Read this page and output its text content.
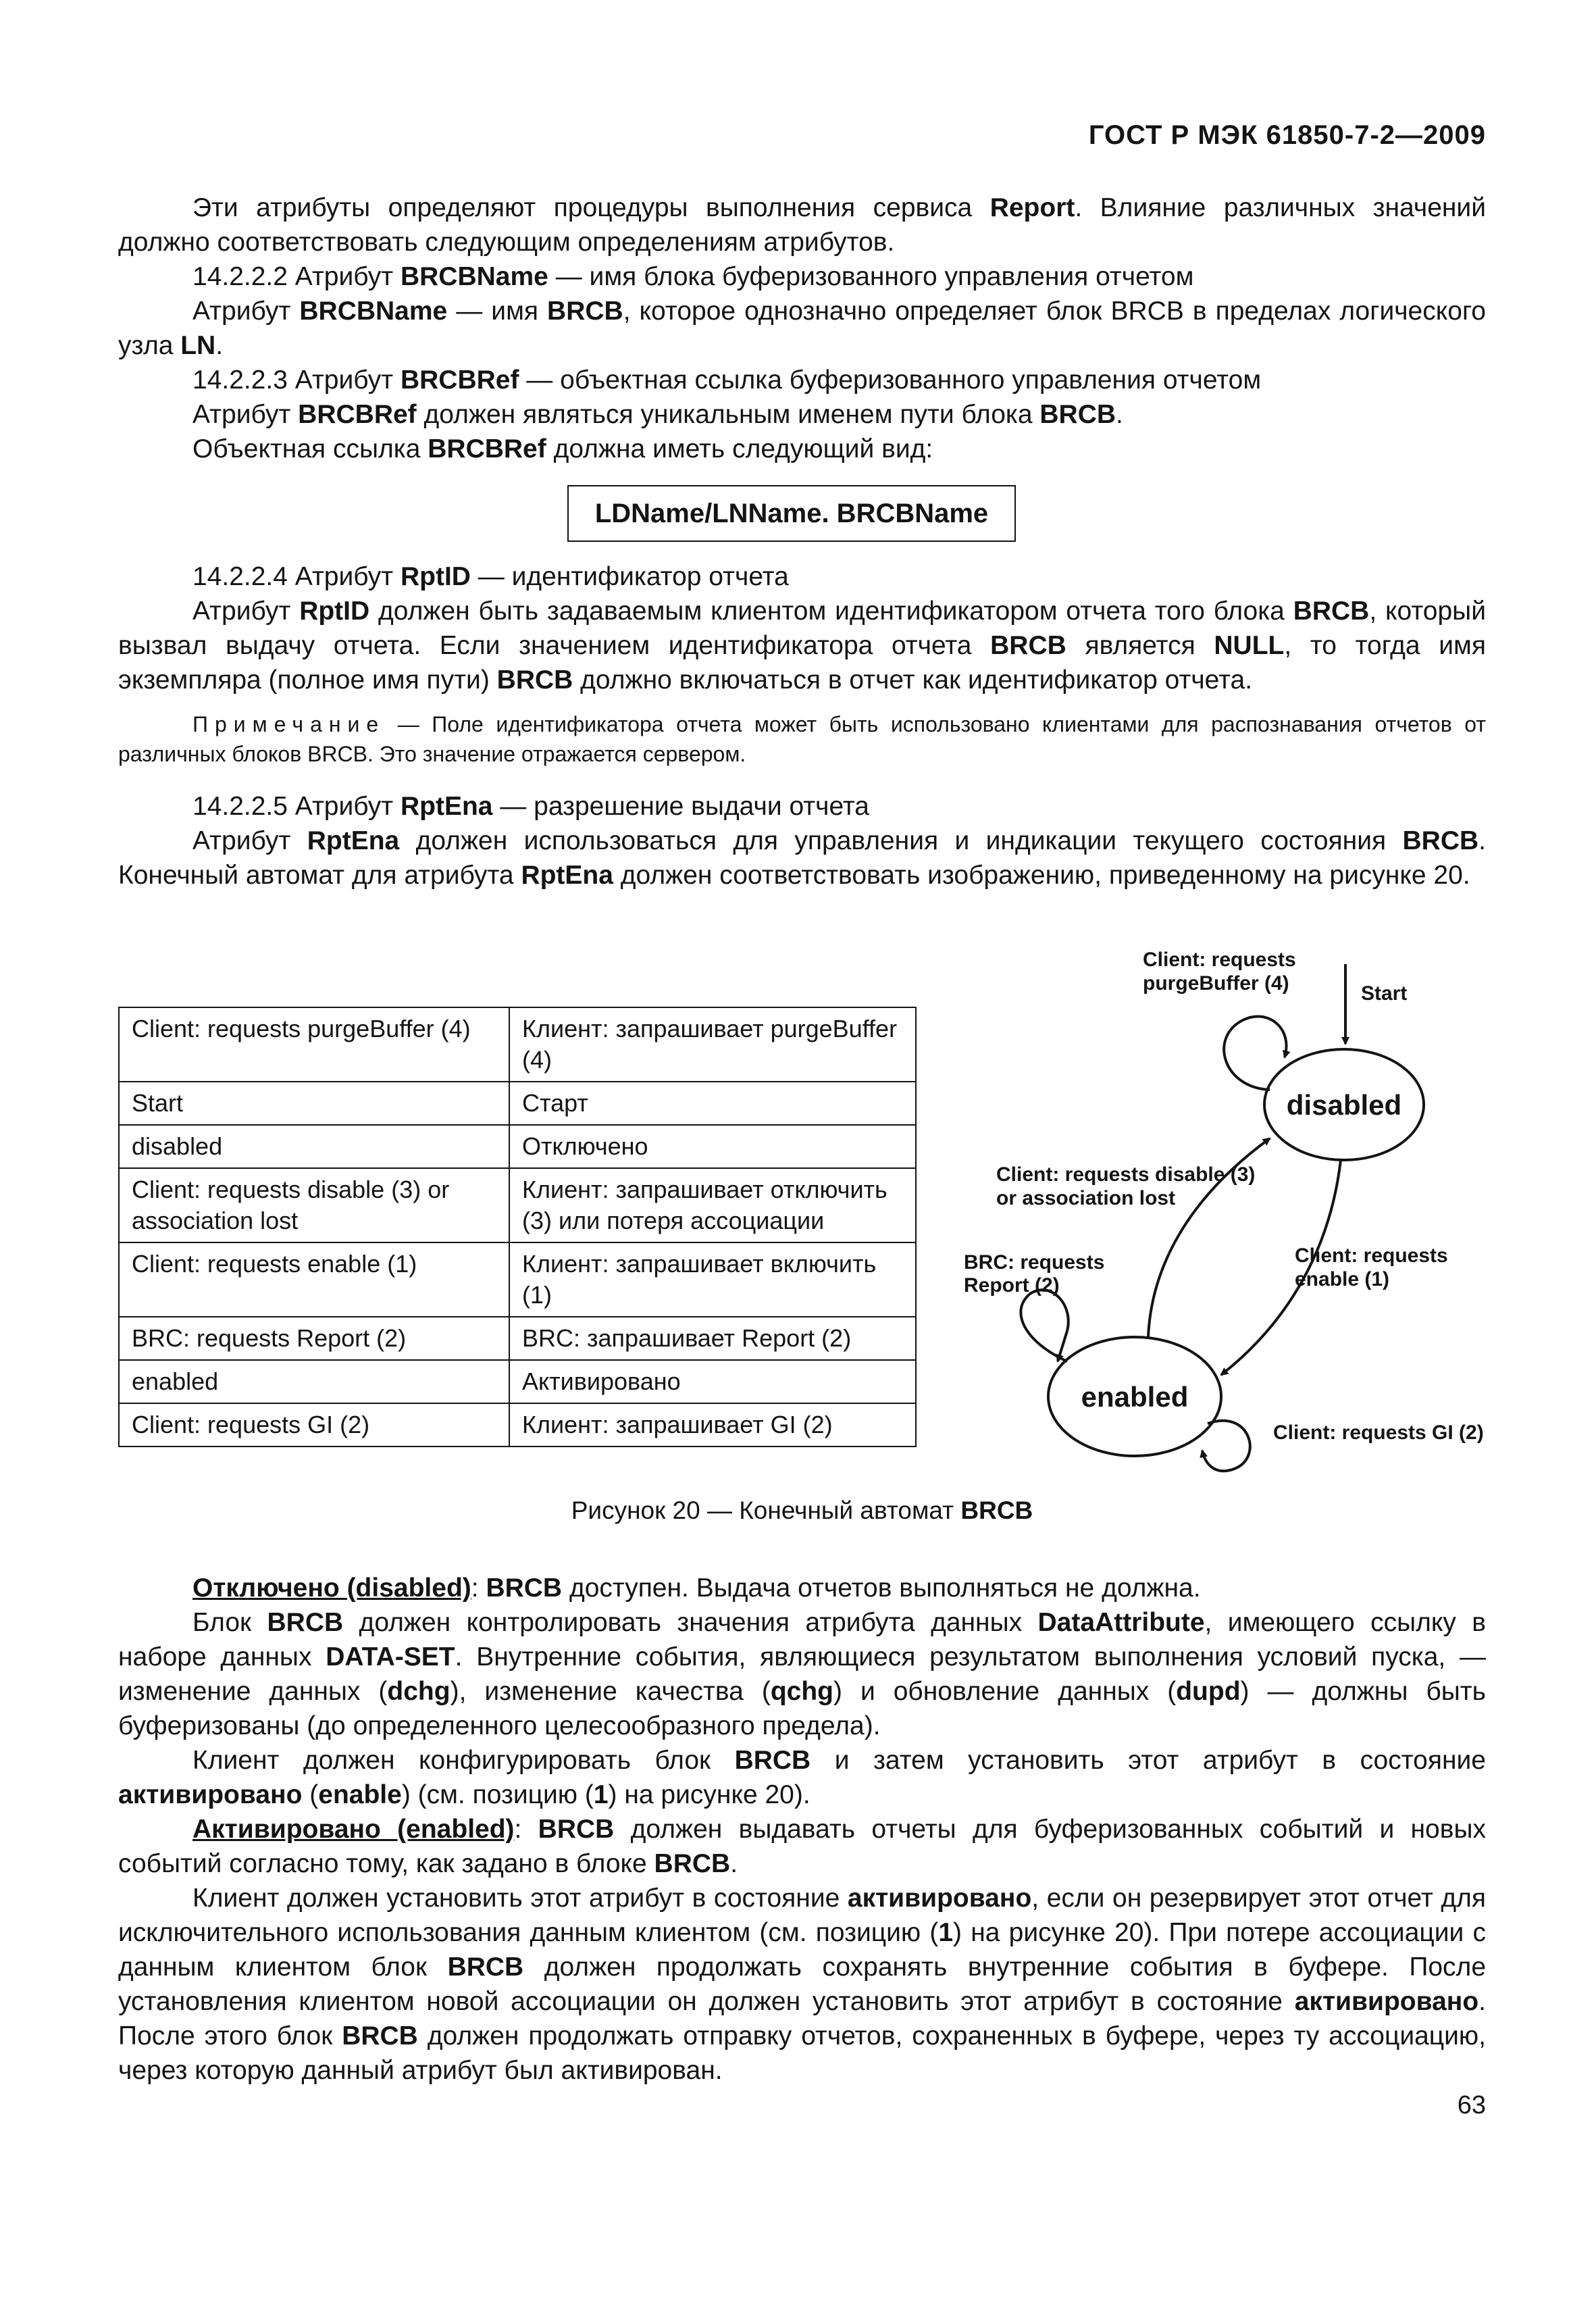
ГОСТ Р МЭК 61850-7-2—2009

Эти атрибуты определяют процедуры выполнения сервиса Report. Влияние различных значений должно соответствовать следующим определениям атрибутов.

14.2.2.2 Атрибут BRCBName — имя блока буферизованного управления отчетом

Атрибут BRCBName — имя BRCB, которое однозначно определяет блок BRCB в пределах логического узла LN.

14.2.2.3 Атрибут BRCBRef — объектная ссылка буферизованного управления отчетом

Атрибут BRCBRef должен являться уникальным именем пути блока BRCB.

Объектная ссылка BRCBRef должна иметь следующий вид:

LDName/LNName. BRCBName

14.2.2.4 Атрибут RptID — идентификатор отчета

Атрибут RptID должен быть задаваемым клиентом идентификатором отчета того блока BRCB, который вызвал выдачу отчета. Если значением идентификатора отчета BRCB является NULL, то тогда имя экземпляра (полное имя пути) BRCB должно включаться в отчет как идентификатор отчета.

Примечание — Поле идентификатора отчета может быть использовано клиентами для распознавания отчетов от различных блоков BRCB. Это значение отражается сервером.

14.2.2.5 Атрибут RptEna — разрешение выдачи отчета

Атрибут RptEna должен использоваться для управления и индикации текущего состояния BRCB. Конечный автомат для атрибута RptEna должен соответствовать изображению, приведенному на рисунке 20.

Client: requests purgeBuffer (4)	Клиент: запрашивает purgeBuffer (4)
Start	Старт
disabled	Отключено
Client: requests disable (3) or association lost	Клиент: запрашивает отключить (3) или потеря ассоциации
Client: requests enable (1)	Клиент: запрашивает включить (1)
BRC: requests Report (2)	BRC: запрашивает Report (2)
enabled	Активировано
Client: requests GI (2)	Клиент: запрашивает GI (2)
Client: requests
purgeBuffer (4)	Start
disabled
Client: requests disable (3)
or association lost
BRC: requests
Report (2)
Client: requests
enable (1)
enabled
Client: requests GI (2)
Рисунок 20 — Конечный автомат BRCB

Отключено (disabled): BRCB доступен. Выдача отчетов выполняться не должна.

Блок BRCB должен контролировать значения атрибута данных DataAttribute, имеющего ссылку в наборе данных DATA-SET. Внутренние события, являющиеся результатом выполнения условий пуска, — изменение данных (dchg), изменение качества (qchg) и обновление данных (dupd) — должны быть буферизованы (до определенного целесообразного предела).

Клиент должен конфигурировать блок BRCB и затем установить этот атрибут в состояние активировано (enable) (см. позицию (1) на рисунке 20).

Активировано (enabled): BRCB должен выдавать отчеты для буферизованных событий и новых событий согласно тому, как задано в блоке BRCB.

Клиент должен установить этот атрибут в состояние активировано, если он резервирует этот отчет для исключительного использования данным клиентом (см. позицию (1) на рисунке 20). При потере ассоциации с данным клиентом блок BRCB должен продолжать сохранять внутренние события в буфере. После установления клиентом новой ассоциации он должен установить этот атрибут в состояние активировано. После этого блок BRCB должен продолжать отправку отчетов, сохраненных в буфере, через ту ассоциацию, через которую данный атрибут был активирован.

63
